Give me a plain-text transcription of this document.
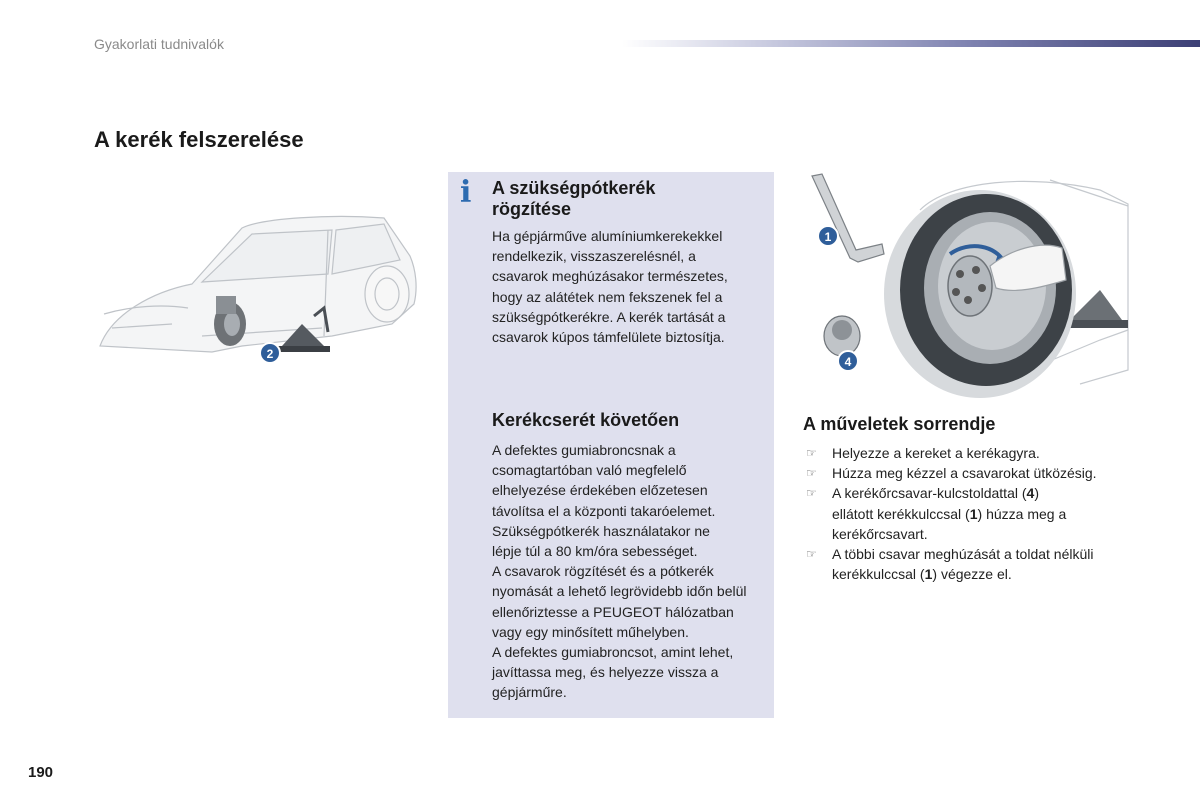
Gyakorlati tudnivalók
A kerék felszerelése
2
i A szükségpótkerék
rögzítése
Ha gépjárműve alumíniumkerekekkel
rendelkezik, visszaszerelésnél, a
csavarok meghúzásakor természetes,
hogy az alátétek nem fekszenek fel a
szükségpótkerékre. A kerék tartását a
csavarok kúpos támfelülete biztosítja.
Kerékcserét követően
A defektes gumiabroncsnak a
csomagtartóban való megfelelő
elhelyezése érdekében előzetesen
távolítsa el a központi takaróelemet.
Szükségpótkerék használatakor ne
lépje túl a 80 km/óra sebességet.
A csavarok rögzítését és a pótkerék
nyomását a lehető legrövidebb időn belül
ellenőriztesse a PEUGEOT hálózatban
vagy egy minősített műhelyben.
A defektes gumiabroncsot, amint lehet,
javíttassa meg, és helyezze vissza a
gépjárműre.
1
4
A műveletek sorrendje
☞ Helyezze a kereket a kerékagyra.
☞ Húzza meg kézzel a csavarokat ütközésig.
☞ A kerékőrcsavar-kulcstoldattal (4)
ellátott kerékkulccsal (1) húzza meg a
kerékőrcsavart.
☞ A többi csavar meghúzását a toldat nélküli
kerékkulccsal (1) végezze el.
190
